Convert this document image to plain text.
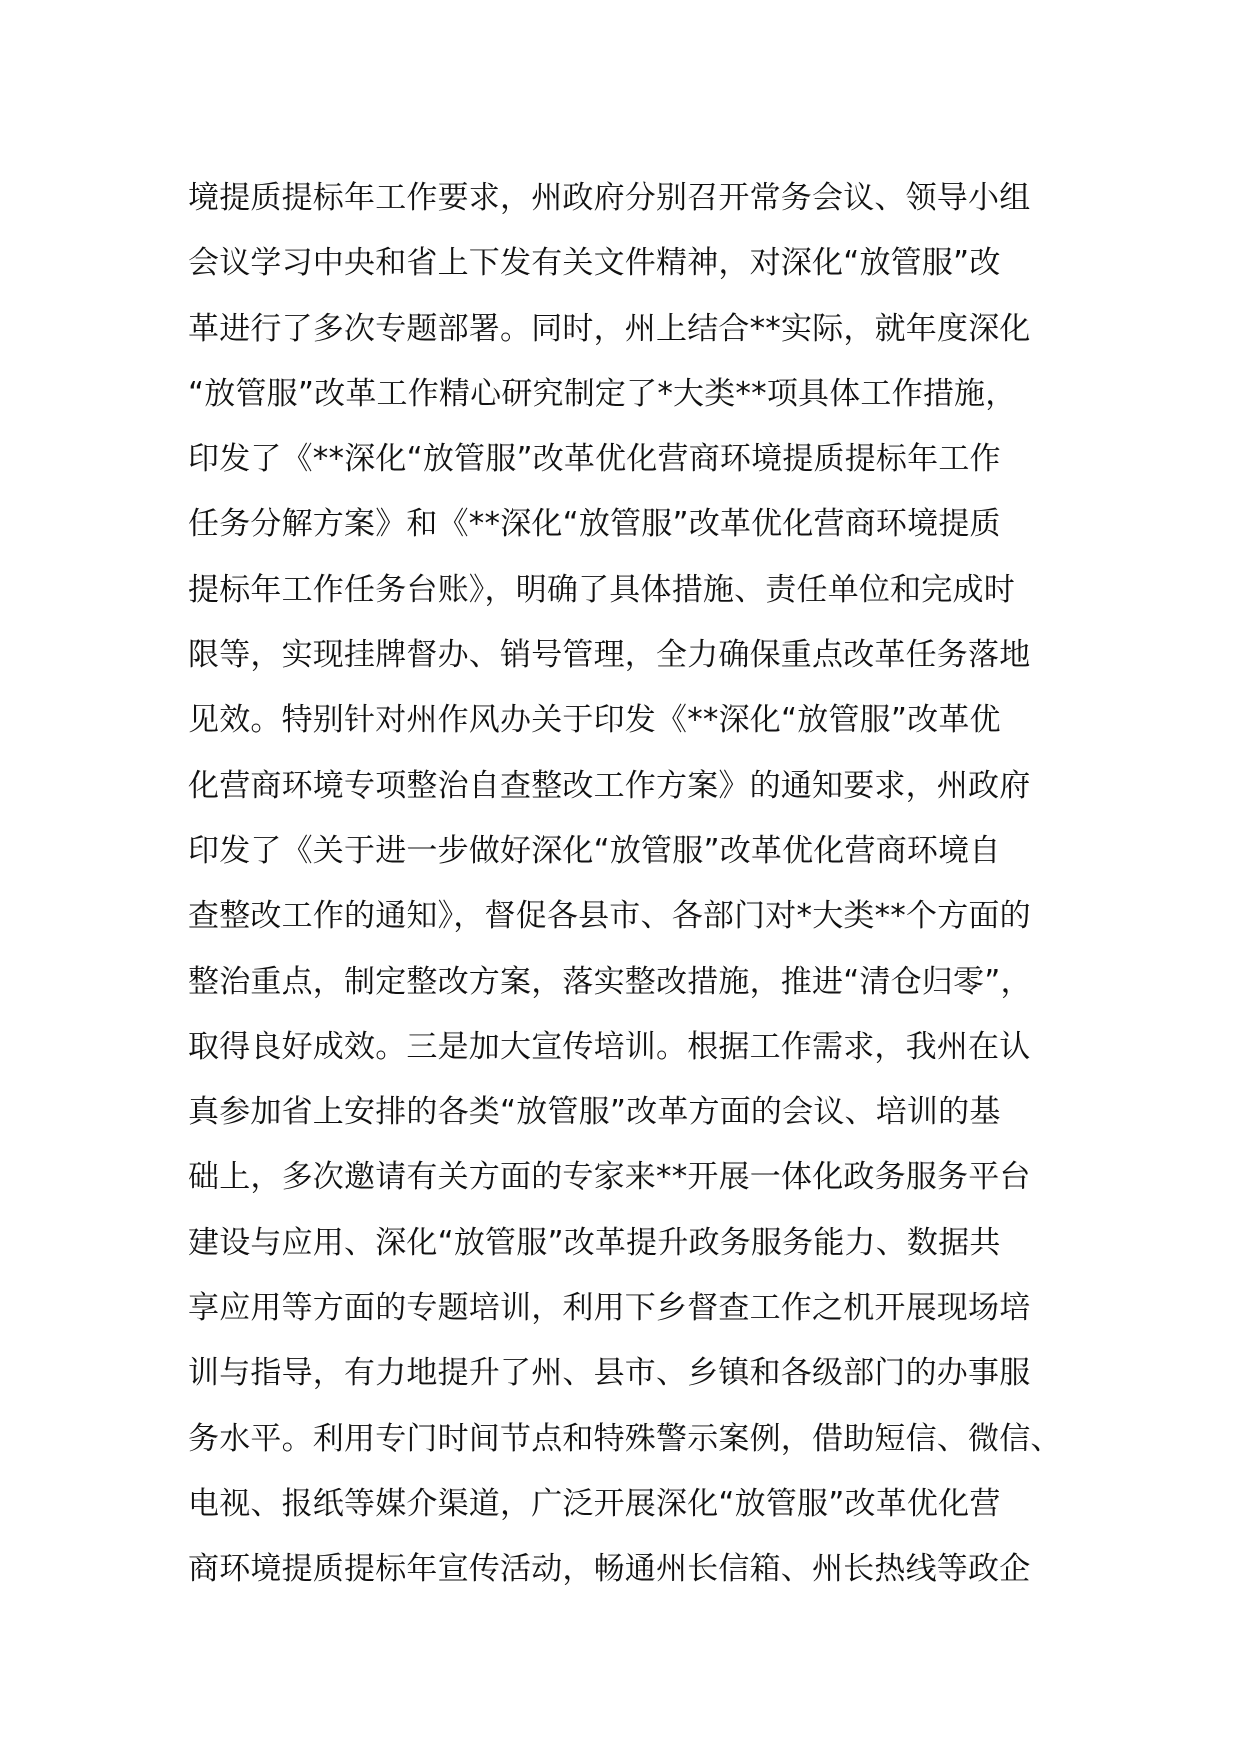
境提质提标年工作要求，州政府分别召开常务会议、领导小组
会议学习中央和省上下发有关文件精神，对深化“放管服”改
革进行了多次专题部署。同时，州上结合**实际，就年度深化
“放管服”改革工作精心研究制定了*大类**项具体工作措施，
印发了《**深化“放管服”改革优化营商环境提质提标年工作
任务分解方案》和《**深化“放管服”改革优化营商环境提质
提标年工作任务台账》，明确了具体措施、责任单位和完成时
限等，实现挂牌督办、销号管理，全力确保重点改革任务落地
见效。特别针对州作风办关于印发《**深化“放管服”改革优
化营商环境专项整治自查整改工作方案》的通知要求，州政府
印发了《关于进一步做好深化“放管服”改革优化营商环境自
查整改工作的通知》，督促各县市、各部门对*大类**个方面的
整治重点，制定整改方案，落实整改措施，推进“清仓归零”，
取得良好成效。三是加大宣传培训。根据工作需求，我州在认
真参加省上安排的各类“放管服”改革方面的会议、培训的基
础上，多次邀请有关方面的专家来**开展一体化政务服务平台
建设与应用、深化“放管服”改革提升政务服务能力、数据共
享应用等方面的专题培训，利用下乡督查工作之机开展现场培
训与指导，有力地提升了州、县市、乡镇和各级部门的办事服
务水平。利用专门时间节点和特殊警示案例，借助短信、微信、
电视、报纸等媒介渠道，广泛开展深化“放管服”改革优化营
商环境提质提标年宣传活动，畅通州长信箱、州长热线等政企
